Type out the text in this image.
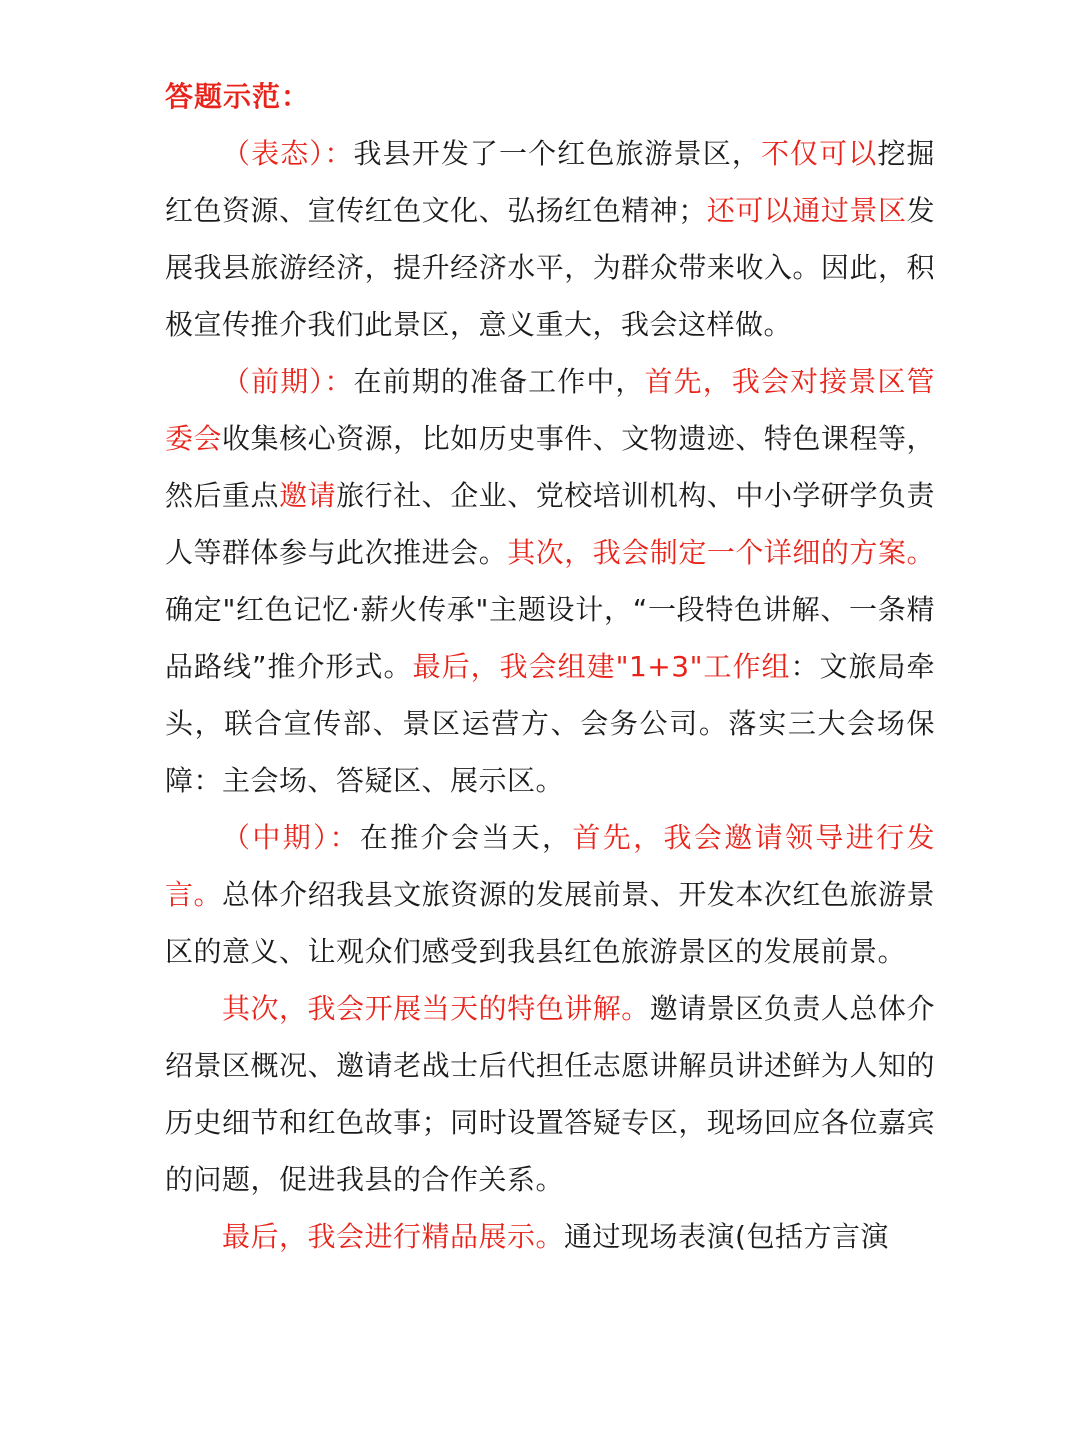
答题示范：

（表态）：我县开发了一个红色旅游景区，不仅可以挖掘红色资源、宣传红色文化、弘扬红色精神；还可以通过景区发展我县旅游经济，提升经济水平，为群众带来收入。因此，积极宣传推介我们此景区，意义重大，我会这样做。

（前期）：在前期的准备工作中，首先，我会对接景区管委会收集核心资源，比如历史事件、文物遗迹、特色课程等，然后重点邀请旅行社、企业、党校培训机构、中小学研学负责人等群体参与此次推进会。其次，我会制定一个详细的方案。确定"红色记忆·薪火传承"主题设计，“一段特色讲解、一条精品路线”推介形式。最后，我会组建"1+3"工作组：文旅局牵头，联合宣传部、景区运营方、会务公司。落实三大会场保障：主会场、答疑区、展示区。

（中期）：在推介会当天，首先，我会邀请领导进行发言。总体介绍我县文旅资源的发展前景、开发本次红色旅游景区的意义、让观众们感受到我县红色旅游景区的发展前景。

其次，我会开展当天的特色讲解。邀请景区负责人总体介绍景区概况、邀请老战士后代担任志愿讲解员讲述鲜为人知的历史细节和红色故事；同时设置答疑专区，现场回应各位嘉宾的问题，促进我县的合作关系。

最后，我会进行精品展示。通过现场表演(包括方言演
